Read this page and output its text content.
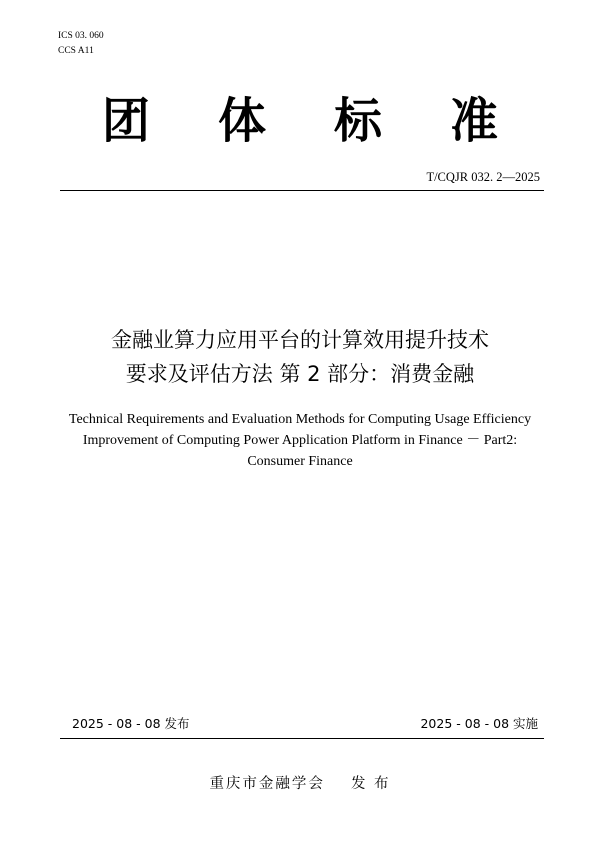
ICS 03. 060
CCS A11
团 体 标 准
T/CQJR 032. 2—2025
金融业算力应用平台的计算效用提升技术
要求及评估方法 第 2 部分：消费金融
Technical Requirements and Evaluation Methods for Computing Usage Efficiency
Improvement of Computing Power Application Platform in Finance － Part2:
Consumer Finance
2025 - 08 - 08 发布	2025 - 08 - 08 实施
重庆市金融学会 发 布
